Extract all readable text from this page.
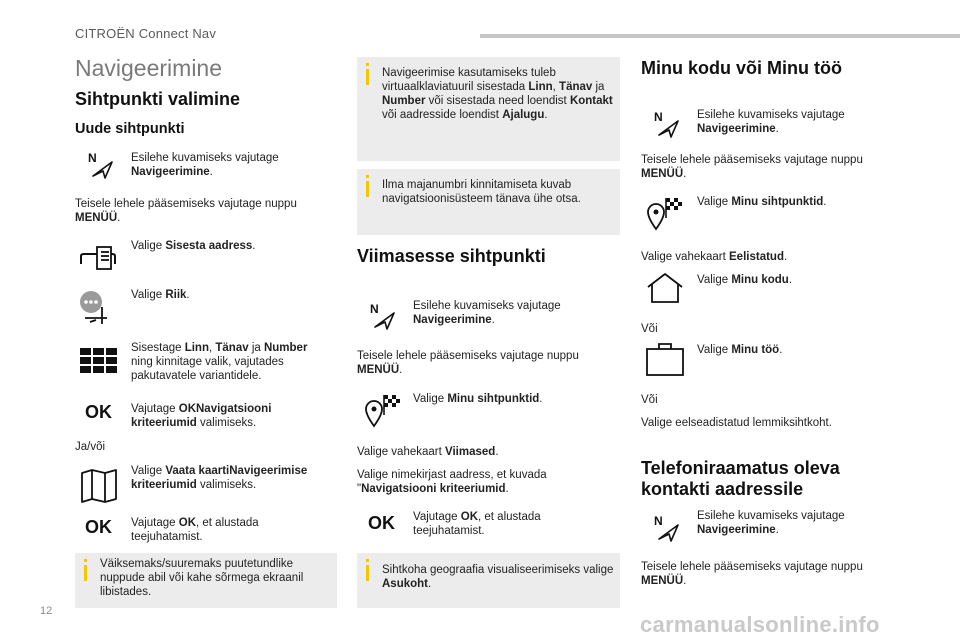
CITROËN Connect Nav
Navigeerimine
Sihtpunkti valimine
Uude sihtpunkti
N	Esilehe kuvamiseks vajutage Navigeerimine.
Teisele lehele pääsemiseks vajutage nuppu MENÜÜ.
Valige Sisesta aadress.
Valige Riik.
Sisestage Linn, Tänav ja Number ning kinnitage valik, vajutades pakutavatele variantidele.
OK Vajutage OKNavigatsiooni kriteeriumid valimiseks.
Ja/või
Valige Vaata kaartiNavigeerimise kriteeriumid valimiseks.
OK Vajutage OK, et alustada teejuhatamist.
Väiksemaks/suuremaks puutetundlike nuppude abil või kahe sõrmega ekraanil libistades.
Navigeerimise kasutamiseks tuleb virtuaalklaviatuuril sisestada Linn, Tänav ja Number või sisestada need loendist Kontakt või aadresside loendist Ajalugu.
Ilma majanumbri kinnitamiseta kuvab navigatsioonisüsteem tänava ühe otsa.
Viimasesse sihtpunkti
N	Esilehe kuvamiseks vajutage Navigeerimine.
Teisele lehele pääsemiseks vajutage nuppu MENÜÜ.
Valige Minu sihtpunktid.
Valige vahekaart Viimased.
Valige nimekirjast aadress, et kuvada "Navigatsiooni kriteeriumid.
OK Vajutage OK, et alustada teejuhatamist.
Sihtkoha geograafia visualiseerimiseks valige Asukoht.
Minu kodu või Minu töö
N	Esilehe kuvamiseks vajutage Navigeerimine.
Teisele lehele pääsemiseks vajutage nuppu MENÜÜ.
Valige Minu sihtpunktid.
Valige vahekaart Eelistatud.
Valige Minu kodu.
Või
Valige Minu töö.
Või
Valige eelseadistatud lemmiksihtkoht.
Telefoniraamatus oleva kontakti aadressile
N	Esilehe kuvamiseks vajutage Navigeerimine.
Teisele lehele pääsemiseks vajutage nuppu MENÜÜ.
12
carmanualsonline.info
